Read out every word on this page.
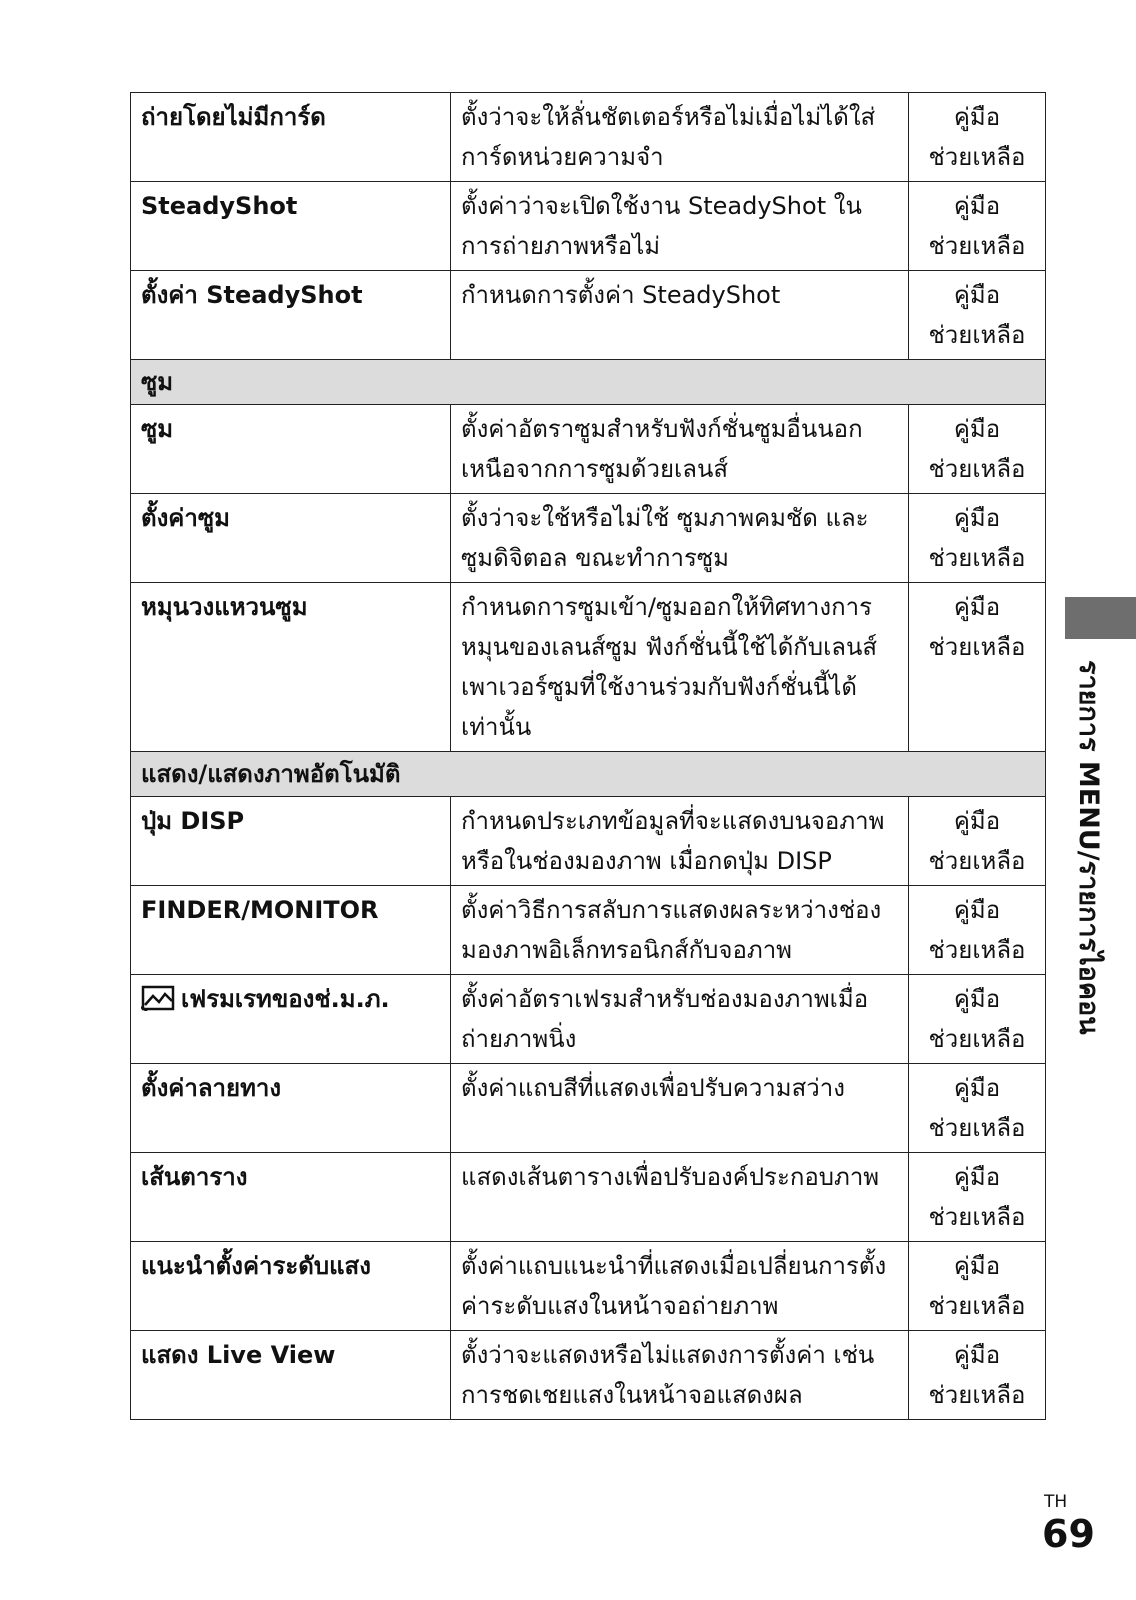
ถ่ายโดยไม่มีการ์ด	ตั้งว่าจะให้ลั่นชัตเตอร์หรือไม่เมื่อไม่ได้ใส่การ์ดหน่วยความจำ	คู่มือ
ช่วยเหลือ

SteadyShot	ตั้งค่าว่าจะเปิดใช้งาน SteadyShot ในการถ่ายภาพหรือไม่	คู่มือ
ช่วยเหลือ

ตั้งค่า SteadyShot	กำหนดการตั้งค่า SteadyShot	คู่มือ
ช่วยเหลือ

ซูม		
ซูม	ตั้งค่าอัตราซูมสำหรับฟังก์ชั่นซูมอื่นนอกเหนือจากการซูมด้วยเลนส์	คู่มือ
ช่วยเหลือ

ตั้งค่าซูม	ตั้งว่าจะใช้หรือไม่ใช้ ซูมภาพคมชัด และซูมดิจิตอล ขณะทำการซูม	คู่มือ
ช่วยเหลือ

หมุนวงแหวนซูม	กำหนดการซูมเข้า/ซูมออกให้ทิศทางการหมุนของเลนส์ซูม ฟังก์ชั่นนี้ใช้ได้กับเลนส์เพาเวอร์ซูมที่ใช้งานร่วมกับฟังก์ชั่นนี้ได้เท่านั้น	คู่มือ
ช่วยเหลือ

แสดง/แสดงภาพอัตโนมัติ		
ปุ่ม DISP	กำหนดประเภทข้อมูลที่จะแสดงบนจอภาพหรือในช่องมองภาพ เมื่อกดปุ่ม DISP	คู่มือ
ช่วยเหลือ

FINDER/MONITOR	ตั้งค่าวิธีการสลับการแสดงผลระหว่างช่องมองภาพอิเล็กทรอนิกส์กับจอภาพ	คู่มือ
ช่วยเหลือ

เฟรมเรทของช่.ม.ภ.	ตั้งค่าอัตราเฟรมสำหรับช่องมองภาพเมื่อถ่ายภาพนิ่ง	คู่มือ
ช่วยเหลือ

ตั้งค่าลายทาง	ตั้งค่าแถบสีที่แสดงเพื่อปรับความสว่าง	คู่มือ
ช่วยเหลือ

เส้นตาราง	แสดงเส้นตารางเพื่อปรับองค์ประกอบภาพ	คู่มือ
ช่วยเหลือ

แนะนำตั้งค่าระดับแสง	ตั้งค่าแถบแนะนำที่แสดงเมื่อเปลี่ยนการตั้งค่าระดับแสงในหน้าจอถ่ายภาพ	คู่มือ
ช่วยเหลือ

แสดง Live View	ตั้งว่าจะแสดงหรือไม่แสดงการตั้งค่า เช่นการชดเชยแสงในหน้าจอแสดงผล	คู่มือ
ช่วยเหลือ
รายการ MENU/รายการไอคอน
TH
69
